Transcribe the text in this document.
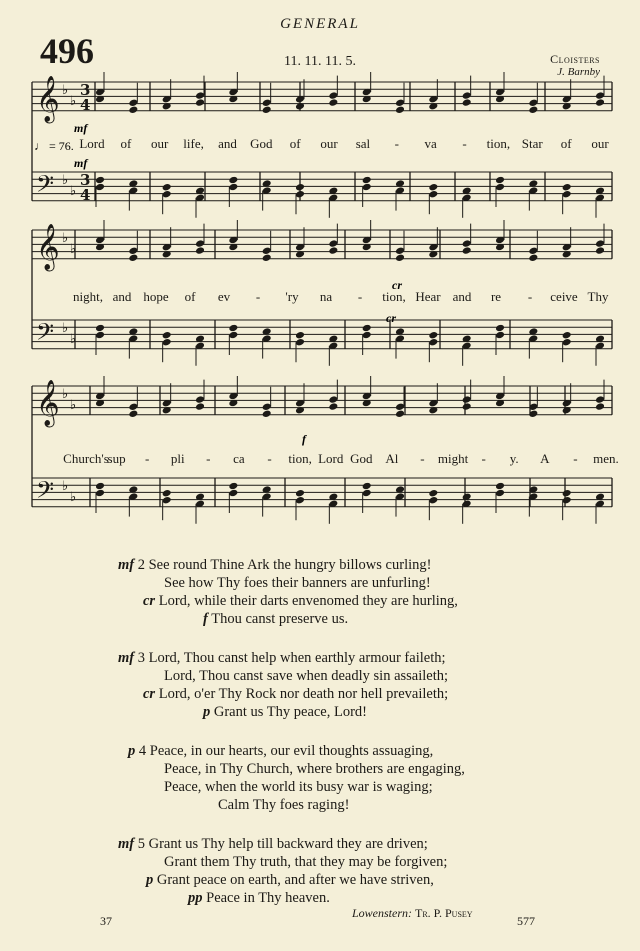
GENERAL
496	11. 11. 11. 5.	Cloisters
J. Barnby
𝄞 ♭
♭
3
4
𝄢 ♭
♭
3
4
𝄞 ♭
♭
𝄢 ♭
♭
𝄞 ♭
♭
𝄢 ♭
♭
♩ = 76.
mf
mf
cr
cr
f
Lord of our life, and God of our sal - va - tion, Star of our
night, and hope of ev - 'ry na - tion, Hear and re - ceive Thy
Church's
sup - pli - ca - tion, Lord God Al - might - y. A - men.
mf 2 See round Thine Ark the hungry billows curling!
See how Thy foes their banners are unfurling!
cr Lord, while their darts envenomed they are hurling,
f Thou canst preserve us.
mf 3 Lord, Thou canst help when earthly armour faileth;
Lord, Thou canst save when deadly sin assaileth;
cr Lord, o'er Thy Rock nor death nor hell prevaileth;
p Grant us Thy peace, Lord!
p 4 Peace, in our hearts, our evil thoughts assuaging,
Peace, in Thy Church, where brothers are engaging,
Peace, when the world its busy war is waging;
Calm Thy foes raging!
mf 5 Grant us Thy help till backward they are driven;
Grant them Thy truth, that they may be forgiven;
p Grant peace on earth, and after we have striven,
pp Peace in Thy heaven.
Lowenstern: Tr. P. Pusey
37	577
